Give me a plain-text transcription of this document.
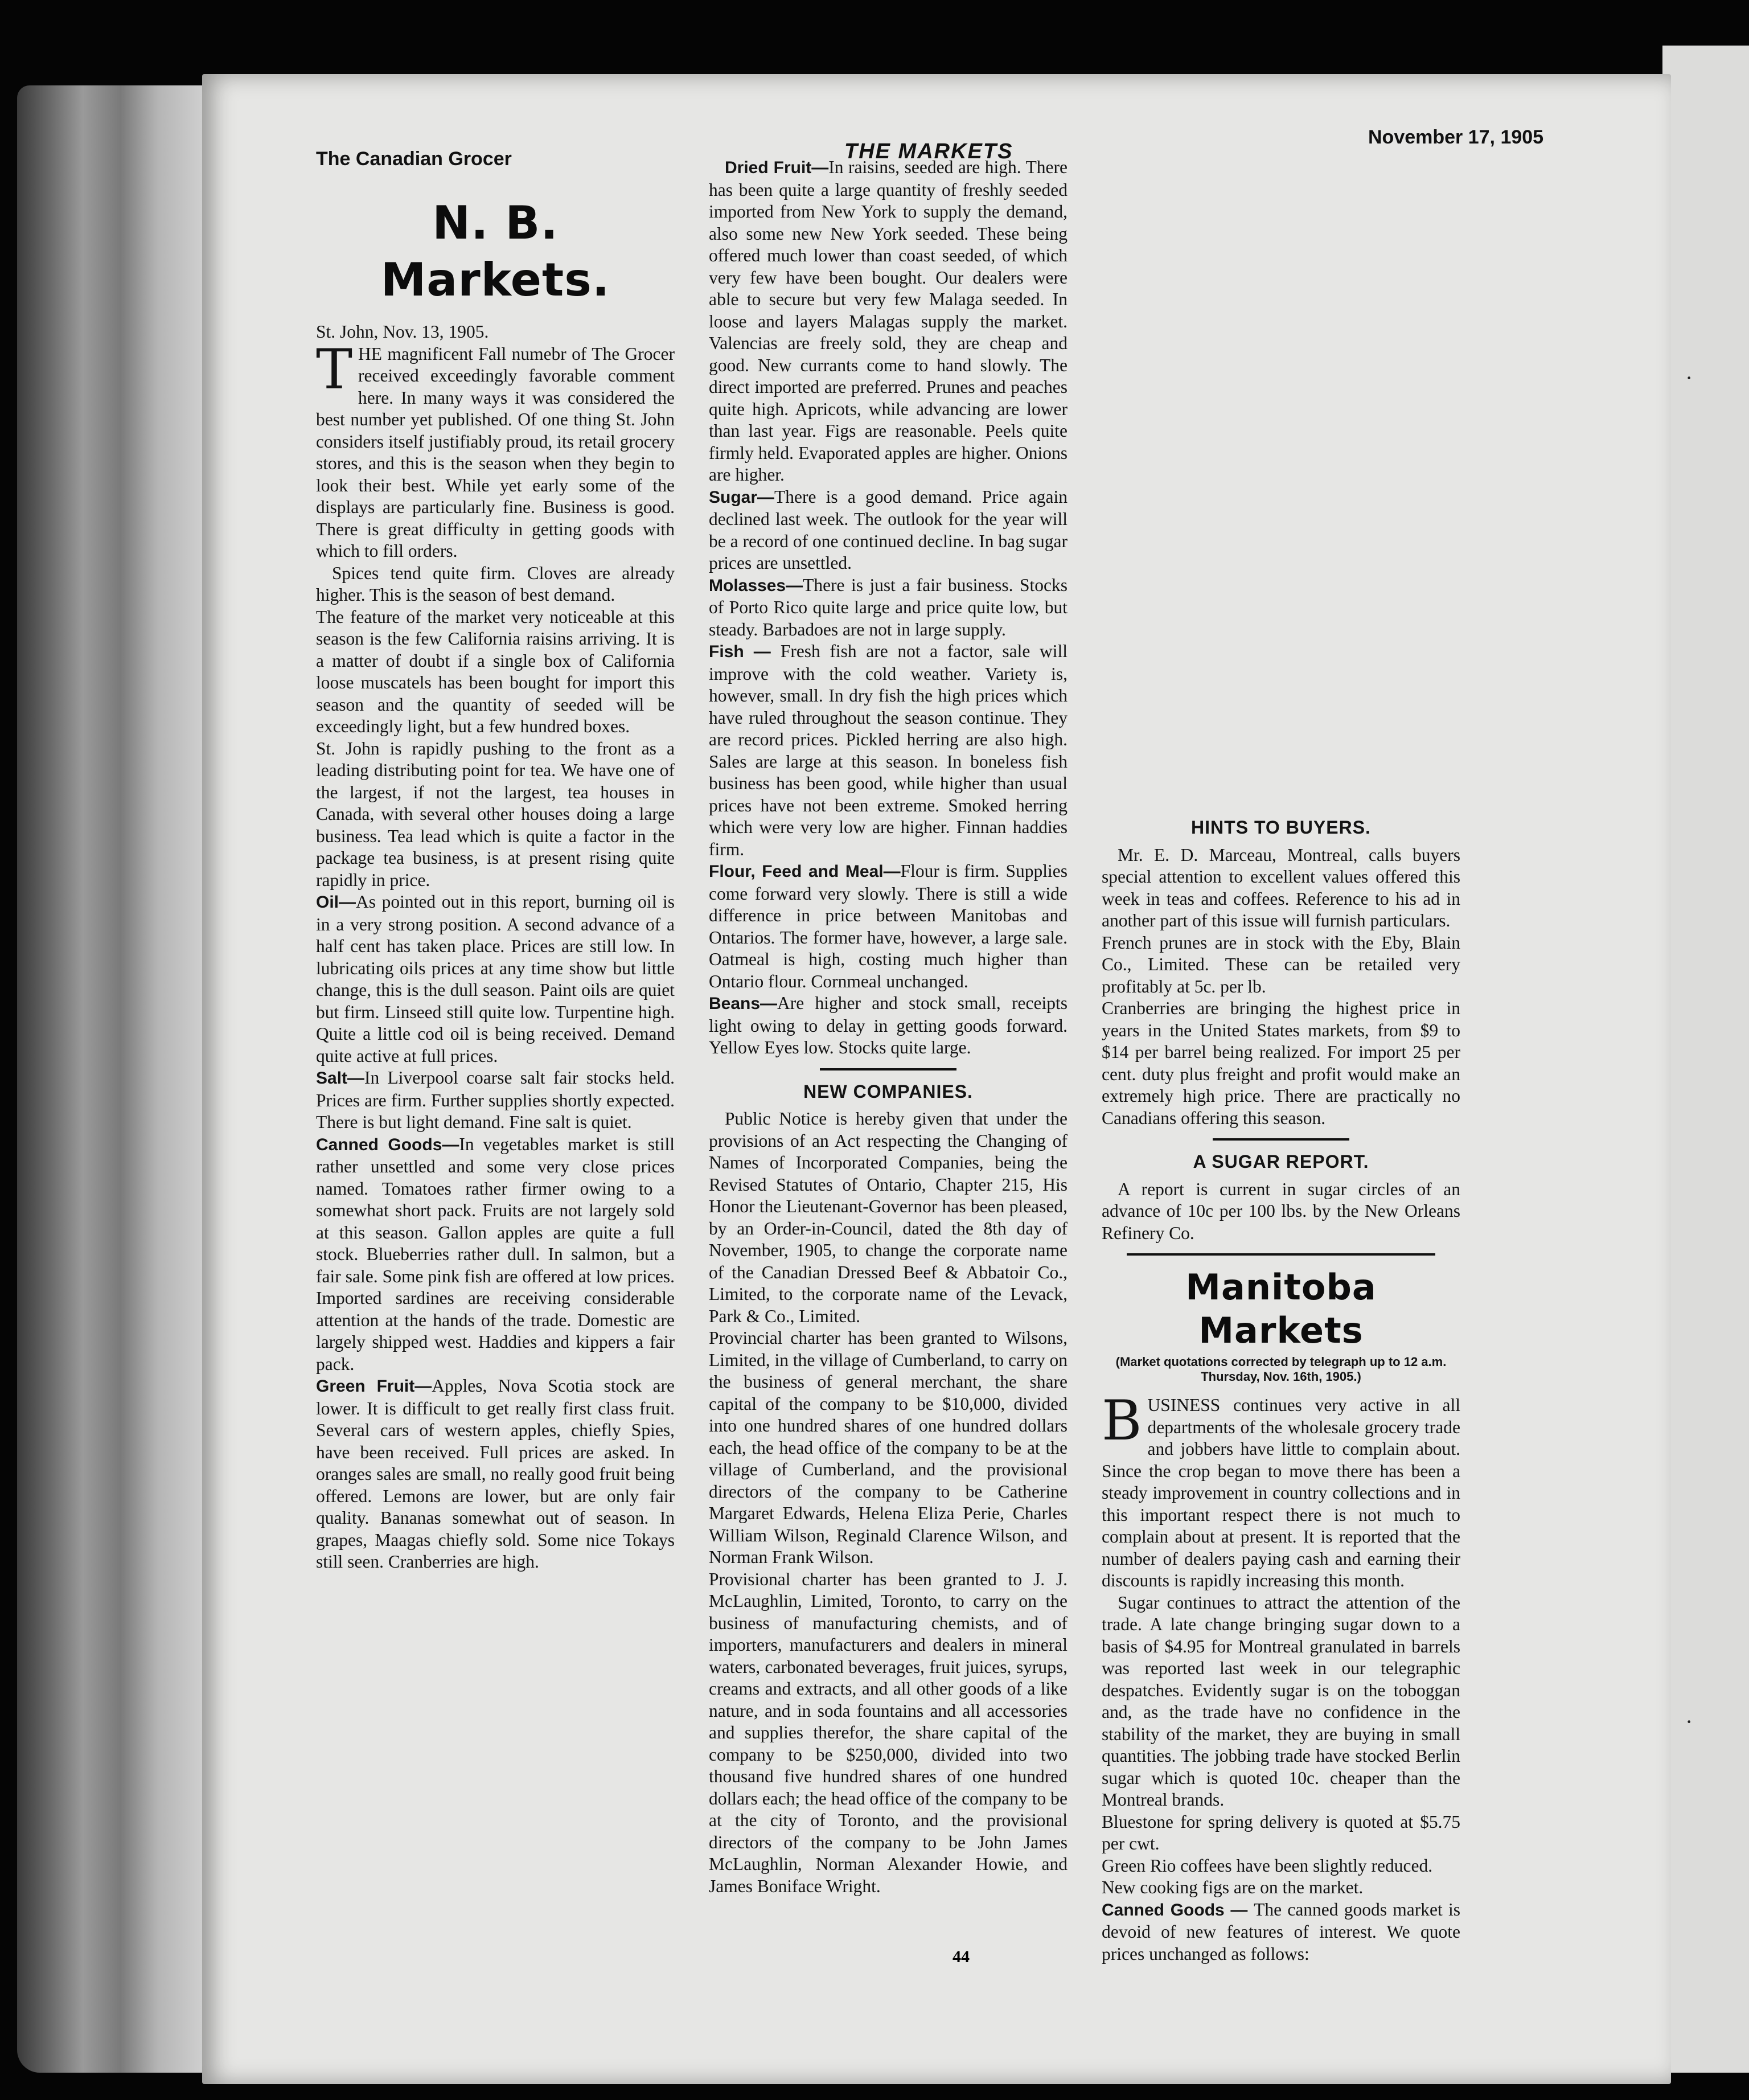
·
·
The Canadian Grocer	THE MARKETS
November 17, 1905
N. B. Markets.

St. John, Nov. 13, 1905.

T HE magnificent Fall numebr of The Grocer received exceedingly favorable comment here. In many ways it was considered the best number yet published. Of one thing St. John considers itself justifiably proud, its retail grocery stores, and this is the season when they begin to look their best. While yet early some of the displays are particularly fine. Business is good. There is great difficulty in getting goods with which to fill orders.

Spices tend quite firm. Cloves are already higher. This is the season of best demand.

The feature of the market very noticeable at this season is the few California raisins arriving. It is a matter of doubt if a single box of California loose muscatels has been bought for import this season and the quantity of seeded will be exceedingly light, but a few hundred boxes.

St. John is rapidly pushing to the front as a leading distributing point for tea. We have one of the largest, if not the largest, tea houses in Canada, with several other houses doing a large business. Tea lead which is quite a factor in the package tea business, is at present rising quite rapidly in price.

Oil—As pointed out in this report, burning oil is in a very strong position. A second advance of a half cent has taken place. Prices are still low. In lubricating oils prices at any time show but little change, this is the dull season. Paint oils are quiet but firm. Linseed still quite low. Turpentine high. Quite a little cod oil is being received. Demand quite active at full prices.

Salt—In Liverpool coarse salt fair stocks held. Prices are firm. Further supplies shortly expected. There is but light demand. Fine salt is quiet.

Canned Goods—In vegetables market is still rather unsettled and some very close prices named. Tomatoes rather firmer owing to a somewhat short pack. Fruits are not largely sold at this season. Gallon apples are quite a full stock. Blueberries rather dull. In salmon, but a fair sale. Some pink fish are offered at low prices. Imported sardines are receiving considerable attention at the hands of the trade. Domestic are largely shipped west. Haddies and kippers a fair pack.

Green Fruit—Apples, Nova Scotia stock are lower. It is difficult to get really first class fruit. Several cars of western apples, chiefly Spies, have been received. Full prices are asked. In oranges sales are small, no really good fruit being offered. Lemons are lower, but are only fair quality. Bananas somewhat out of season. In grapes, Maagas chiefly sold. Some nice Tokays still seen. Cranberries are high.

Dried Fruit—In raisins, seeded are high. There has been quite a large quantity of freshly seeded imported from New York to supply the demand, also some new New York seeded. These being offered much lower than coast seeded, of which very few have been bought. Our dealers were able to secure but very few Malaga seeded. In loose and layers Malagas supply the market. Valencias are freely sold, they are cheap and good. New currants come to hand slowly. The direct imported are preferred. Prunes and peaches quite high. Apricots, while advancing are lower than last year. Figs are reasonable. Peels quite firmly held. Evaporated apples are higher. Onions are higher.

Sugar—There is a good demand. Price again declined last week. The outlook for the year will be a record of one continued decline. In bag sugar prices are unsettled.

Molasses—There is just a fair business. Stocks of Porto Rico quite large and price quite low, but steady. Barbadoes are not in large supply.

Fish — Fresh fish are not a factor, sale will improve with the cold weather. Variety is, however, small. In dry fish the high prices which have ruled throughout the season continue. They are record prices. Pickled herring are also high. Sales are large at this season. In boneless fish business has been good, while higher than usual prices have not been extreme. Smoked herring which were very low are higher. Finnan haddies firm.

Flour, Feed and Meal—Flour is firm. Supplies come forward very slowly. There is still a wide difference in price between Manitobas and Ontarios. The former have, however, a large sale. Oatmeal is high, costing much higher than Ontario flour. Cornmeal unchanged.

Beans—Are higher and stock small, receipts light owing to delay in getting goods forward. Yellow Eyes low. Stocks quite large.

NEW COMPANIES.

Public Notice is hereby given that under the provisions of an Act respecting the Changing of Names of Incorporated Companies, being the Revised Statutes of Ontario, Chapter 215, His Honor the Lieutenant-Governor has been pleased, by an Order-in-Council, dated the 8th day of November, 1905, to change the corporate name of the Canadian Dressed Beef & Abbatoir Co., Limited, to the corporate name of the Levack, Park & Co., Limited.

Provincial charter has been granted to Wilsons, Limited, in the village of Cumberland, to carry on the business of general merchant, the share capital of the company to be $10,000, divided into one hundred shares of one hundred dollars each, the head office of the company to be at the village of Cumberland, and the provisional directors of the company to be Catherine Margaret Edwards, Helena Eliza Perie, Charles William Wilson, Reginald Clarence Wilson, and Norman Frank Wilson.

Provisional charter has been granted to J. J. McLaughlin, Limited, Toronto, to carry on the business of manufacturing chemists, and of importers, manufacturers and dealers in mineral waters, carbonated beverages, fruit juices, syrups, creams and extracts, and all other goods of a like nature, and in soda fountains and all accessories and supplies therefor, the share capital of the company to be $250,000, divided into two thousand five hundred shares of one hundred dollars each; the head office of the company to be at the city of Toronto, and the provisional directors of the company to be John James McLaughlin, Norman Alexander Howie, and James Boniface Wright.

HINTS TO BUYERS.

Mr. E. D. Marceau, Montreal, calls buyers special attention to excellent values offered this week in teas and coffees. Reference to his ad in another part of this issue will furnish particulars.

French prunes are in stock with the Eby, Blain Co., Limited. These can be retailed very profitably at 5c. per lb.

Cranberries are bringing the highest price in years in the United States markets, from $9 to $14 per barrel being realized. For import 25 per cent. duty plus freight and profit would make an extremely high price. There are practically no Canadians offering this season.

A SUGAR REPORT.

A report is current in sugar circles of an advance of 10c per 100 lbs. by the New Orleans Refinery Co.

Manitoba Markets
(Market quotations corrected by telegraph up to 12 a.m. Thursday, Nov. 16th, 1905.)
B USINESS continues very active in all departments of the wholesale grocery trade and jobbers have little to complain about. Since the crop began to move there has been a steady improvement in country collections and in this important respect there is not much to complain about at present. It is reported that the number of dealers paying cash and earning their discounts is rapidly increasing this month.

Sugar continues to attract the attention of the trade. A late change bringing sugar down to a basis of $4.95 for Montreal granulated in barrels was reported last week in our telegraphic despatches. Evidently sugar is on the toboggan and, as the trade have no confidence in the stability of the market, they are buying in small quantities. The jobbing trade have stocked Berlin sugar which is quoted 10c. cheaper than the Montreal brands.

Bluestone for spring delivery is quoted at $5.75 per cwt.

Green Rio coffees have been slightly reduced.

New cooking figs are on the market.

Canned Goods — The canned goods market is devoid of new features of interest. We quote prices unchanged as follows:

44
